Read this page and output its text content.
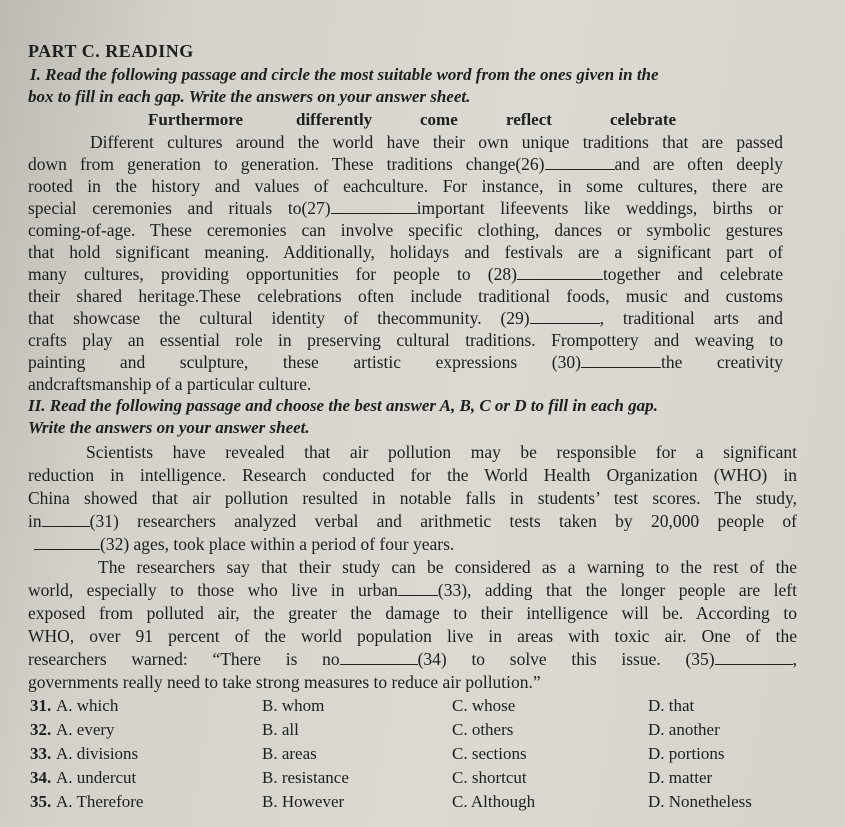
PART C. READING
I. Read the following passage and circle the most suitable word from the ones given in the
box to fill in each gap. Write the answers on your answer sheet.
Furthermore	differently	come	reflect	celebrate
Different cultures around the world have their own unique traditions that are passed
down from generation to generation. These traditions change(26)	and are often deeply
rooted in the history and values of eachculture. For instance, in some cultures, there are
special ceremonies and rituals to(27)	important lifeevents like weddings, births or
coming-of-age. These ceremonies can involve specific clothing, dances or symbolic gestures
that hold significant meaning. Additionally, holidays and festivals are a significant part of
many cultures, providing opportunities for people to (28)	together and celebrate
their shared heritage.These celebrations often include traditional foods, music and customs
that showcase the cultural identity of thecommunity. (29)	, traditional arts and
crafts play an essential role in preserving cultural traditions. Frompottery and weaving to
painting and sculpture, these artistic expressions (30)	the creativity
andcraftsmanship of a particular culture.
II. Read the following passage and choose the best answer A, B, C or D to fill in each gap.
Write the answers on your answer sheet.
Scientists have revealed that air pollution may be responsible for a significant
reduction in intelligence. Research conducted for the World Health Organization (WHO) in
China showed that air pollution resulted in notable falls in students’ test scores. The study,
in	(31) researchers analyzed verbal and arithmetic tests taken by 20,000 people of
(32) ages, took place within a period of four years.
The researchers say that their study can be considered as a warning to the rest of the
world, especially to those who live in urban (33), adding that the longer people are left
exposed from polluted air, the greater the damage to their intelligence will be. According to
WHO, over 91 percent of the world population live in areas with toxic air. One of the
researchers warned: “There is no	(34) to solve this issue. (35)	,
governments really need to take strong measures to reduce air pollution.”
31. A. which	B. whom	C. whose	D. that
32. A. every	B. all	C. others	D. another
33. A. divisions	B. areas	C. sections	D. portions
34. A. undercut	B. resistance	C. shortcut	D. matter
35. A. Therefore	B. However	C. Although	D. Nonetheless
